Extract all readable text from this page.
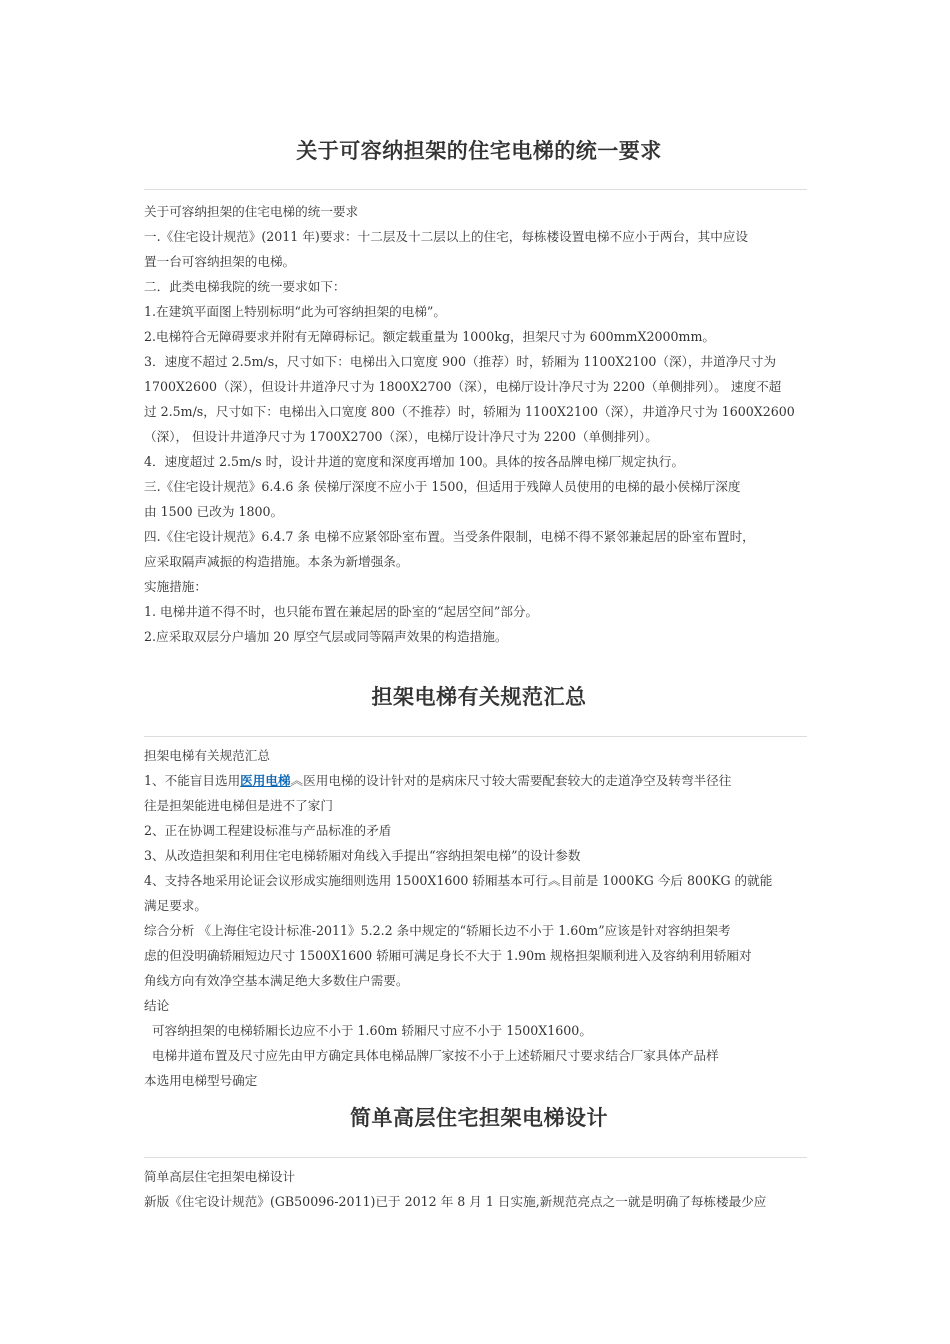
关于可容纳担架的住宅电梯的统一要求

关于可容纳担架的住宅电梯的统一要求

一.《住宅设计规范》(2011 年)要求：十二层及十二层以上的住宅，每栋楼设置电梯不应小于两台，其中应设

置一台可容纳担架的电梯。

二．此类电梯我院的统一要求如下：

1.在建筑平面图上特别标明“此为可容纳担架的电梯”。

2.电梯符合无障碍要求并附有无障碍标记。额定载重量为 1000kg，担架尺寸为 600mmX2000mm。

3．速度不超过 2.5m/s，尺寸如下：电梯出入口宽度 900（推荐）时，轿厢为 1100X2100（深），井道净尺寸为

1700X2600（深），但设计井道净尺寸为 1800X2700（深），电梯厅设计净尺寸为 2200（单侧排列）。 速度不超

过 2.5m/s，尺寸如下：电梯出入口宽度 800（不推荐）时，轿厢为 1100X2100（深），井道净尺寸为 1600X2600

（深）， 但设计井道净尺寸为 1700X2700（深），电梯厅设计净尺寸为 2200（单侧排列）。

4．速度超过 2.5m/s 时，设计井道的宽度和深度再增加 100。具体的按各品牌电梯厂规定执行。

三.《住宅设计规范》6.4.6 条 侯梯厅深度不应小于 1500，但适用于残障人员使用的电梯的最小侯梯厅深度

由 1500 已改为 1800。

四.《住宅设计规范》6.4.7 条 电梯不应紧邻卧室布置。当受条件限制，电梯不得不紧邻兼起居的卧室布置时，

应采取隔声减振的构造措施。本条为新增强条。

实施措施：

1. 电梯井道不得不时，也只能布置在兼起居的卧室的“起居空间”部分。

2.应采取双层分户墙加 20 厚空气层或同等隔声效果的构造措施。

担架电梯有关规范汇总

担架电梯有关规范汇总

1、不能盲目选用医用电梯︽医用电梯的设计针对的是病床尺寸较大需要配套较大的走道净空及转弯半径往

往是担架能进电梯但是进不了家门

2、正在协调工程建设标准与产品标准的矛盾

3、从改造担架和利用住宅电梯轿厢对角线入手提出“容纳担架电梯”的设计参数

4、支持各地采用论证会议形成实施细则选用 1500X1600 轿厢基本可行︽目前是 1000KG 今后 800KG 的就能

满足要求。

综合分析 《上海住宅设计标准-2011》5.2.2 条中规定的“轿厢长边不小于 1.60m”应该是针对容纳担架考

虑的但没明确轿厢短边尺寸 1500X1600 轿厢可满足身长不大于 1.90m 规格担架顺利进入及容纳利用轿厢对

角线方向有效净空基本满足绝大多数住户需要。

结论

可容纳担架的电梯轿厢长边应不小于 1.60m 轿厢尺寸应不小于 1500X1600。

电梯井道布置及尺寸应先由甲方确定具体电梯品牌厂家按不小于上述轿厢尺寸要求结合厂家具体产品样

本选用电梯型号确定

简单高层住宅担架电梯设计

简单高层住宅担架电梯设计

新版《住宅设计规范》(GB50096-2011)已于 2012 年 8 月 1 日实施,新规范亮点之一就是明确了每栋楼最少应
